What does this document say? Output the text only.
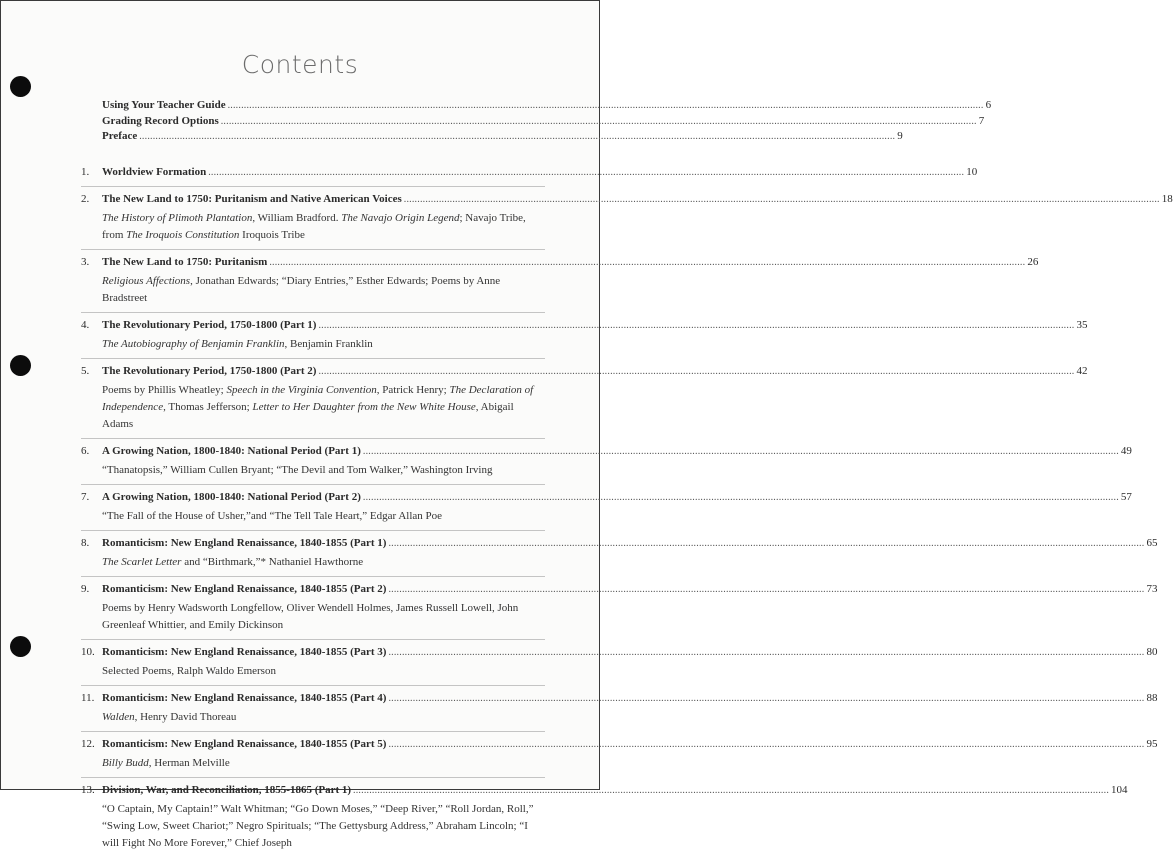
Contents
Using Your Teacher Guide .....	6
Grading Record Options .....	7
Preface .....	9
1. Worldview Formation .....	10
2. The New Land to 1750: Puritanism and Native American Voices .....	18
The History of Plimoth Plantation, William Bradford. The Navajo Origin Legend; Navajo Tribe, from The Iroquois Constitution Iroquois Tribe
3. The New Land to 1750: Puritanism .....	26
Religious Affections, Jonathan Edwards; “Diary Entries,” Esther Edwards; Poems by Anne Bradstreet
4. The Revolutionary Period, 1750-1800 (Part 1) .....	35
The Autobiography of Benjamin Franklin, Benjamin Franklin
5. The Revolutionary Period, 1750-1800 (Part 2) .....	42
Poems by Phillis Wheatley; Speech in the Virginia Convention, Patrick Henry; The Declaration of Independence, Thomas Jefferson; Letter to Her Daughter from the New White House, Abigail Adams
6. A Growing Nation, 1800-1840: National Period (Part 1) .....	49
“Thanatopsis,” William Cullen Bryant; “The Devil and Tom Walker,” Washington Irving
7. A Growing Nation, 1800-1840: National Period (Part 2) .....	57
“The Fall of the House of Usher,”and “The Tell Tale Heart,” Edgar Allan Poe
8. Romanticism: New England Renaissance, 1840-1855 (Part 1) .....	65
The Scarlet Letter and “Birthmark,”* Nathaniel Hawthorne
9. Romanticism: New England Renaissance, 1840-1855 (Part 2) .....	73
Poems by Henry Wadsworth Longfellow, Oliver Wendell Holmes, James Russell Lowell, John Greenleaf Whittier, and Emily Dickinson
10. Romanticism: New England Renaissance, 1840-1855 (Part 3) .....	80
Selected Poems, Ralph Waldo Emerson
11. Romanticism: New England Renaissance, 1840-1855 (Part 4) .....	88
Walden, Henry David Thoreau
12. Romanticism: New England Renaissance, 1840-1855 (Part 5) .....	95
Billy Budd, Herman Melville
13. Division, War, and Reconciliation, 1855-1865 (Part 1) .....	104
“O Captain, My Captain!” Walt Whitman; “Go Down Moses,” “Deep River,” “Roll Jordan, Roll,” “Swing Low, Sweet Chariot;” Negro Spirituals; “The Gettysburg Address,” Abraham Lincoln; “I will Fight No More Forever,” Chief Joseph
